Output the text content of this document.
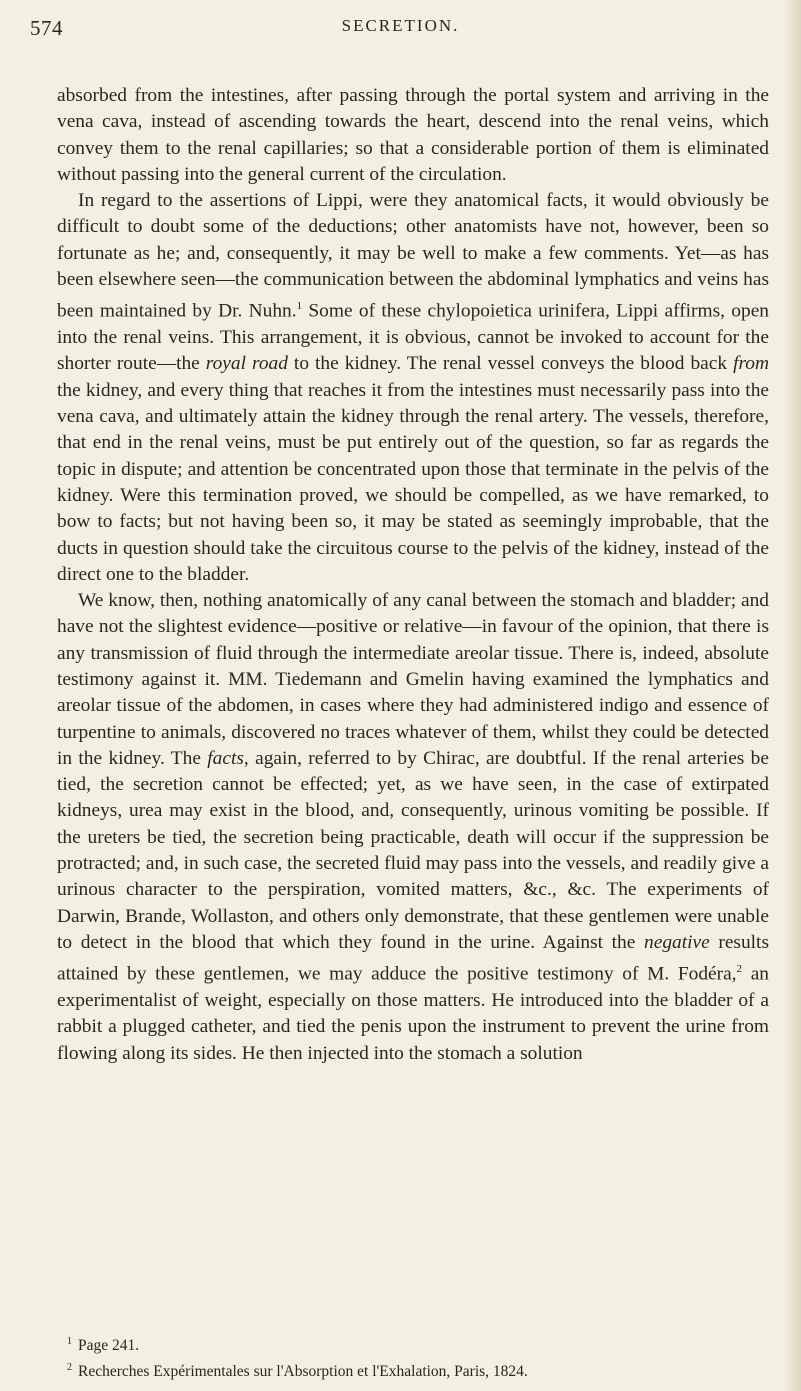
574	SECRETION.

absorbed from the intestines, after passing through the portal system and arriving in the vena cava, instead of ascending towards the heart, descend into the renal veins, which convey them to the renal capillaries; so that a considerable portion of them is eliminated without passing into the general current of the circulation.

In regard to the assertions of Lippi, were they anatomical facts, it would obviously be difficult to doubt some of the deductions; other anatomists have not, however, been so fortunate as he; and, consequently, it may be well to make a few comments. Yet—as has been elsewhere seen—the communication between the abdominal lymphatics and veins has been maintained by Dr. Nuhn.$^1$ Some of these chylopoietica urinifera, Lippi affirms, open into the renal veins. This arrangement, it is obvious, cannot be invoked to account for the shorter route—the royal road to the kidney. The renal vessel conveys the blood back from the kidney, and every thing that reaches it from the intestines must necessarily pass into the vena cava, and ultimately attain the kidney through the renal artery. The vessels, therefore, that end in the renal veins, must be put entirely out of the question, so far as regards the topic in dispute; and attention be concentrated upon those that terminate in the pelvis of the kidney. Were this termination proved, we should be compelled, as we have remarked, to bow to facts; but not having been so, it may be stated as seemingly improbable, that the ducts in question should take the circuitous course to the pelvis of the kidney, instead of the direct one to the bladder.

We know, then, nothing anatomically of any canal between the stomach and bladder; and have not the slightest evidence—positive or relative—in favour of the opinion, that there is any transmission of fluid through the intermediate areolar tissue. There is, indeed, absolute testimony against it. MM. Tiedemann and Gmelin having examined the lymphatics and areolar tissue of the abdomen, in cases where they had administered indigo and essence of turpentine to animals, discovered no traces whatever of them, whilst they could be detected in the kidney. The facts, again, referred to by Chirac, are doubtful. If the renal arteries be tied, the secretion cannot be effected; yet, as we have seen, in the case of extirpated kidneys, urea may exist in the blood, and, consequently, urinous vomiting be possible. If the ureters be tied, the secretion being practicable, death will occur if the suppression be protracted; and, in such case, the secreted fluid may pass into the vessels, and readily give a urinous character to the perspiration, vomited matters, &c., &c. The experiments of Darwin, Brande, Wollaston, and others only demonstrate, that these gentlemen were unable to detect in the blood that which they found in the urine. Against the negative results attained by these gentlemen, we may adduce the positive testimony of M. Fodéra,$^2$ an experimentalist of weight, especially on those matters. He introduced into the bladder of a rabbit a plugged catheter, and tied the penis upon the instrument to prevent the urine from flowing along its sides. He then injected into the stomach a solution

$^1$ Page 241.

$^2$ Recherches Expérimentales sur l'Absorption et l'Exhalation, Paris, 1824.
